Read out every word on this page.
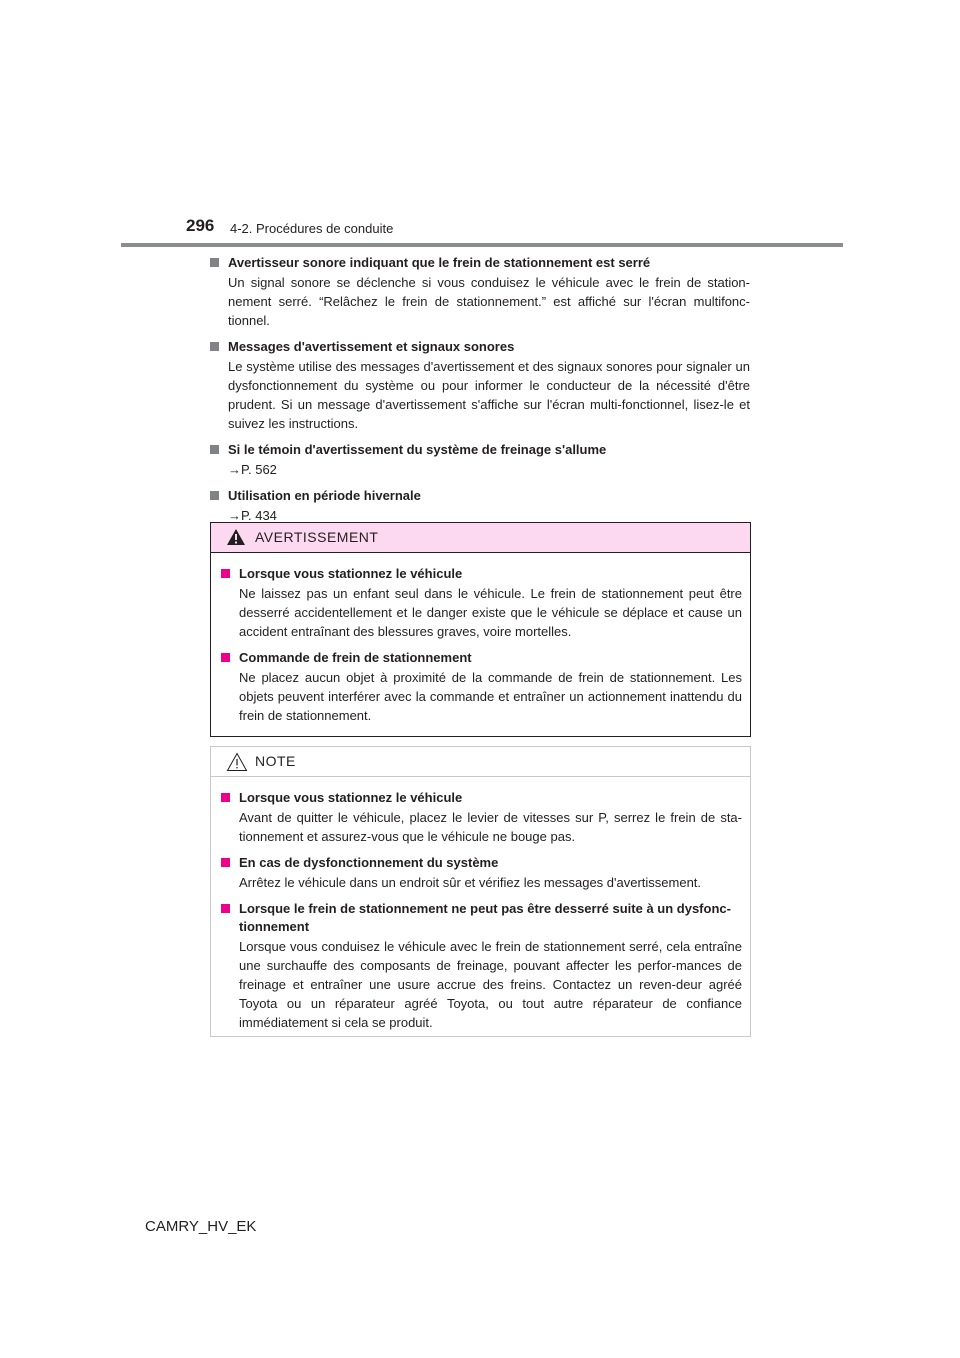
296 4-2. Procédures de conduite
Avertisseur sonore indiquant que le frein de stationnement est serré
Un signal sonore se déclenche si vous conduisez le véhicule avec le frein de station-nement serré. “Relâchez le frein de stationnement.” est affiché sur l'écran multifonc-tionnel.
Messages d'avertissement et signaux sonores
Le système utilise des messages d'avertissement et des signaux sonores pour signaler un dysfonctionnement du système ou pour informer le conducteur de la nécessité d'être prudent. Si un message d'avertissement s'affiche sur l'écran multi-fonctionnel, lisez-le et suivez les instructions.
Si le témoin d'avertissement du système de freinage s'allume
→P. 562
Utilisation en période hivernale
→P. 434
AVERTISSEMENT
Lorsque vous stationnez le véhicule
Ne laissez pas un enfant seul dans le véhicule. Le frein de stationnement peut être desserré accidentellement et le danger existe que le véhicule se déplace et cause un accident entraînant des blessures graves, voire mortelles.
Commande de frein de stationnement
Ne placez aucun objet à proximité de la commande de frein de stationnement. Les objets peuvent interférer avec la commande et entraîner un actionnement inattendu du frein de stationnement.
NOTE
Lorsque vous stationnez le véhicule
Avant de quitter le véhicule, placez le levier de vitesses sur P, serrez le frein de sta-tionnement et assurez-vous que le véhicule ne bouge pas.
En cas de dysfonctionnement du système
Arrêtez le véhicule dans un endroit sûr et vérifiez les messages d'avertissement.
Lorsque le frein de stationnement ne peut pas être desserré suite à un dysfonc-tionnement
Lorsque vous conduisez le véhicule avec le frein de stationnement serré, cela entraîne une surchauffe des composants de freinage, pouvant affecter les perfor-mances de freinage et entraîner une usure accrue des freins. Contactez un reven-deur agréé Toyota ou un réparateur agréé Toyota, ou tout autre réparateur de confiance immédiatement si cela se produit.
CAMRY_HV_EK
